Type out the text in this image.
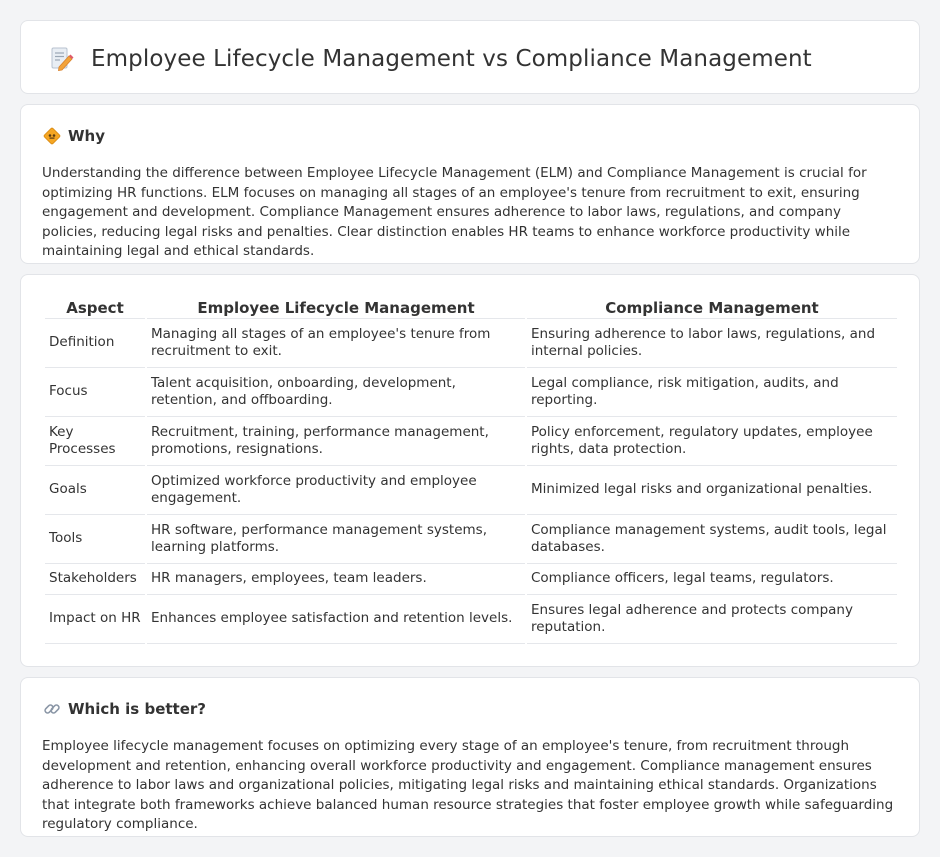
Employee Lifecycle Management vs Compliance Management
Why

Understanding the difference between Employee Lifecycle Management (ELM) and Compliance Management is crucial for optimizing HR functions. ELM focuses on managing all stages of an employee's tenure from recruitment to exit, ensuring engagement and development. Compliance Management ensures adherence to labor laws, regulations, and company policies, reducing legal risks and penalties. Clear distinction enables HR teams to enhance workforce productivity while maintaining legal and ethical standards.

Aspect	Employee Lifecycle Management	Compliance Management
Definition	Managing all stages of an employee's tenure from recruitment to exit.	Ensuring adherence to labor laws, regulations, and internal policies.
Focus	Talent acquisition, onboarding, development, retention, and offboarding.	Legal compliance, risk mitigation, audits, and reporting.
Key Processes	Recruitment, training, performance management, promotions, resignations.	Policy enforcement, regulatory updates, employee rights, data protection.
Goals	Optimized workforce productivity and employee engagement.	Minimized legal risks and organizational penalties.
Tools	HR software, performance management systems, learning platforms.	Compliance management systems, audit tools, legal databases.
Stakeholders	HR managers, employees, team leaders.	Compliance officers, legal teams, regulators.
Impact on HR	Enhances employee satisfaction and retention levels.	Ensures legal adherence and protects company reputation.
Which is better?

Employee lifecycle management focuses on optimizing every stage of an employee's tenure, from recruitment through development and retention, enhancing overall workforce productivity and engagement. Compliance management ensures adherence to labor laws and organizational policies, mitigating legal risks and maintaining ethical standards. Organizations that integrate both frameworks achieve balanced human resource strategies that foster employee growth while safeguarding regulatory compliance.
